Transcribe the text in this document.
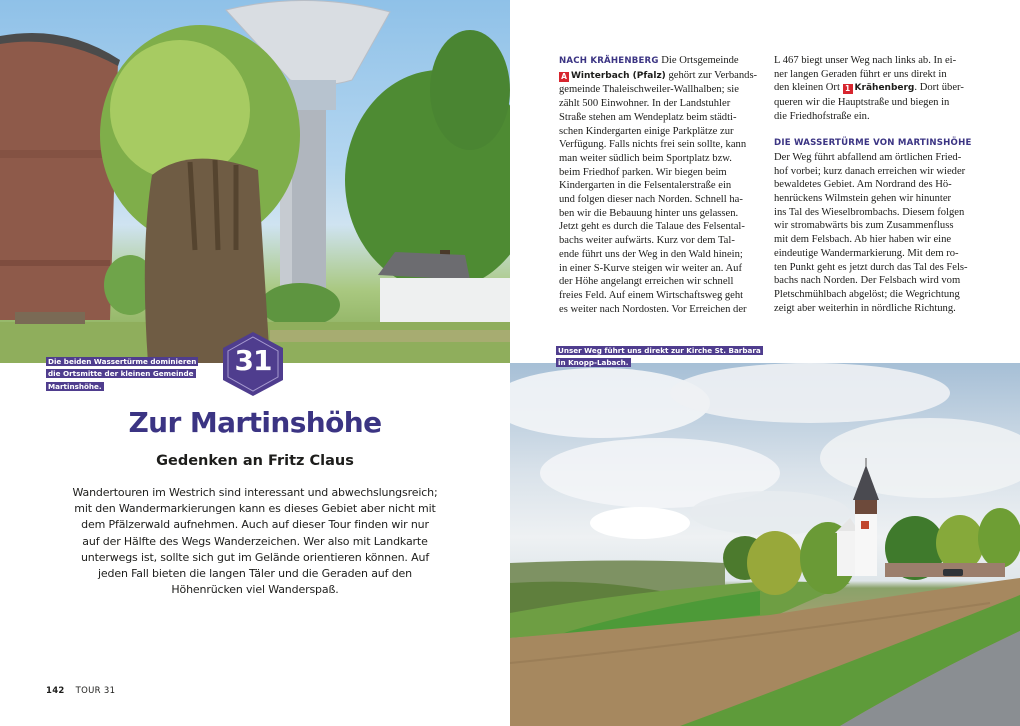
Die beiden Wassertürme dominieren
die Ortsmitte der kleinen Gemeinde
Martinshöhe.
31
Zur Martinshöhe
Gedenken an Fritz Claus
Wandertouren im Westrich sind interessant und abwechslungsreich;
mit den Wandermarkierungen kann es dieses Gebiet aber nicht mit
dem Pfälzerwald aufnehmen. Auch auf dieser Tour finden wir nur
auf der Hälfte des Wegs Wanderzeichen. Wer also mit Landkarte
unterwegs ist, sollte sich gut im Gelände orientieren können. Auf
jeden Fall bieten die langen Täler und die Geraden auf den
Höhenrücken viel Wanderspaß.
142 TOUR 31
NACH KRÄHENBERG Die Ortsgemeinde
A Winterbach (Pfalz) gehört zur Verbands-
gemeinde Thaleischweiler-Wallhalben; sie
zählt 500 Einwohner. In der Landstuhler
Straße stehen am Wendeplatz beim städti-
schen Kindergarten einige Parkplätze zur
Verfügung. Falls nichts frei sein sollte, kann
man weiter südlich beim Sportplatz bzw.
beim Friedhof parken. Wir biegen beim
Kindergarten in die Felsentalerstraße ein
und folgen dieser nach Norden. Schnell ha-
ben wir die Bebauung hinter uns gelassen.
Jetzt geht es durch die Talaue des Felsental-
bachs weiter aufwärts. Kurz vor dem Tal-
ende führt uns der Weg in den Wald hinein;
in einer S-Kurve steigen wir weiter an. Auf
der Höhe angelangt erreichen wir schnell
freies Feld. Auf einem Wirtschaftsweg geht
es weiter nach Nordosten. Vor Erreichen der
L 467 biegt unser Weg nach links ab. In ei-
ner langen Geraden führt er uns direkt in
den kleinen Ort 1 Krähenberg. Dort über-
queren wir die Hauptstraße und biegen in
die Friedhofstraße ein.
DIE WASSERTÜRME VON MARTINSHÖHE
Der Weg führt abfallend am örtlichen Fried-
hof vorbei; kurz danach erreichen wir wieder
bewaldetes Gebiet. Am Nordrand des Hö-
henrückens Wilmstein gehen wir hinunter
ins Tal des Wieselbrombachs. Diesem folgen
wir stromabwärts bis zum Zusammenfluss
mit dem Felsbach. Ab hier haben wir eine
eindeutige Wandermarkierung. Mit dem ro-
ten Punkt geht es jetzt durch das Tal des Fels-
bachs nach Norden. Der Felsbach wird vom
Pletschmühlbach abgelöst; die Wegrichtung
zeigt aber weiterhin in nördliche Richtung.
Unser Weg führt uns direkt zur Kirche St. Barbara
in Knopp-Labach.
